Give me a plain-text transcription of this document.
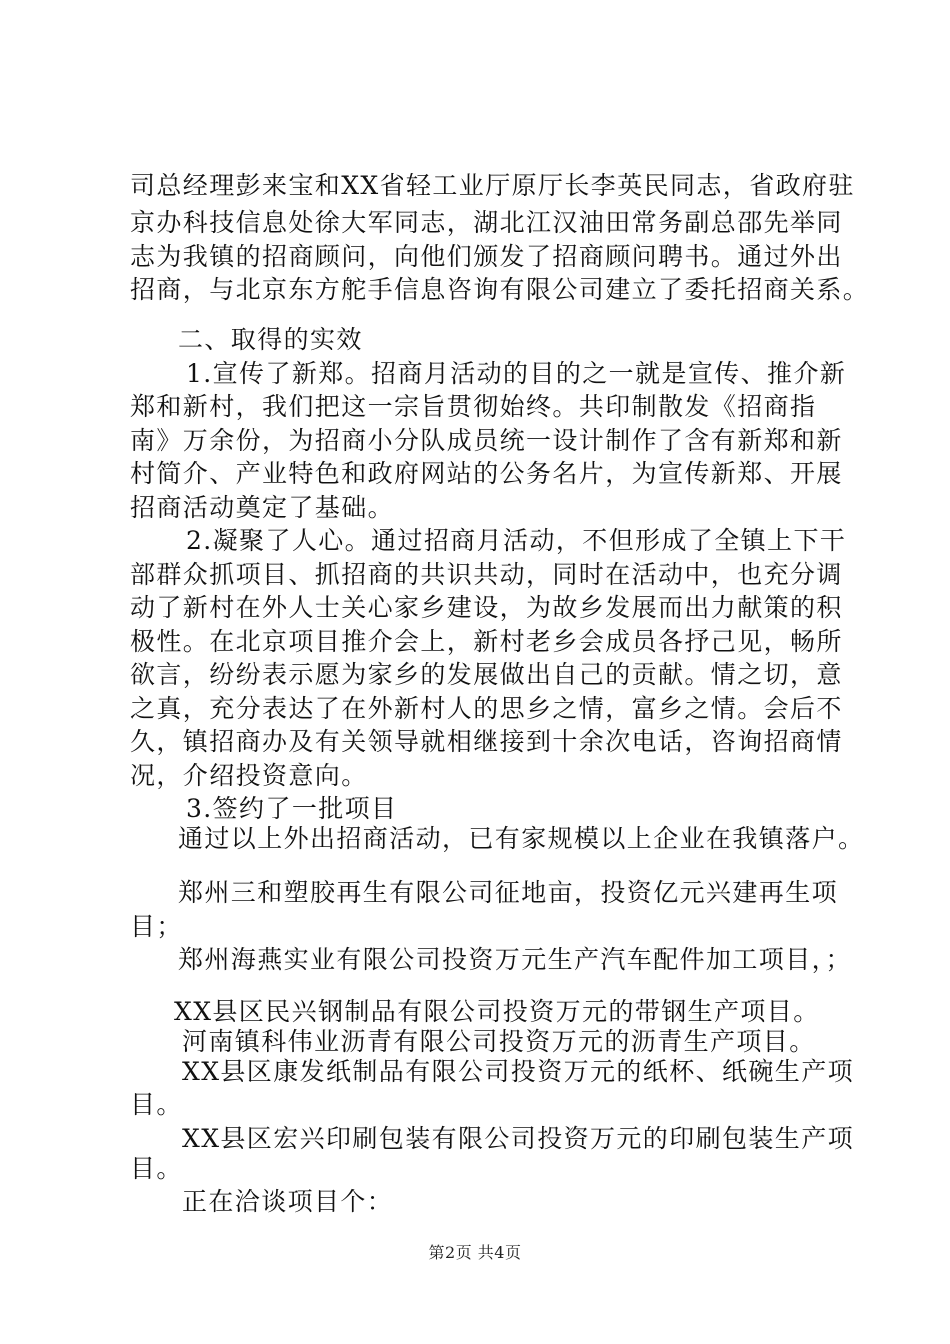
司总经理彭来宝和XX省轻工业厅原厅长李英民同志，省政府驻

京办科技信息处徐大军同志，湖北江汉油田常务副总邵先举同

志为我镇的招商顾问，向他们颁发了招商顾问聘书。通过外出

招商，与北京东方舵手信息咨询有限公司建立了委托招商关系。

二、取得的实效

1.宣传了新郑。招商月活动的目的之一就是宣传、推介新

郑和新村，我们把这一宗旨贯彻始终。共印制散发《招商指

南》万余份，为招商小分队成员统一设计制作了含有新郑和新

村简介、产业特色和政府网站的公务名片，为宣传新郑、开展

招商活动奠定了基础。

2.凝聚了人心。通过招商月活动，不但形成了全镇上下干

部群众抓项目、抓招商的共识共动，同时在活动中，也充分调

动了新村在外人士关心家乡建设，为故乡发展而出力献策的积

极性。在北京项目推介会上，新村老乡会成员各抒己见，畅所

欲言，纷纷表示愿为家乡的发展做出自己的贡献。情之切，意

之真，充分表达了在外新村人的思乡之情，富乡之情。会后不

久，镇招商办及有关领导就相继接到十余次电话，咨询招商情

况，介绍投资意向。

3.签约了一批项目

通过以上外出招商活动，已有家规模以上企业在我镇落户。

郑州三和塑胶再生有限公司征地亩，投资亿元兴建再生项

目；

郑州海燕实业有限公司投资万元生产汽车配件加工项目，；

XX县区民兴钢制品有限公司投资万元的带钢生产项目。

河南镇科伟业沥青有限公司投资万元的沥青生产项目。

XX县区康发纸制品有限公司投资万元的纸杯、纸碗生产项

目。

XX县区宏兴印刷包装有限公司投资万元的印刷包装生产项

目。

正在洽谈项目个：

第2页 共4页
